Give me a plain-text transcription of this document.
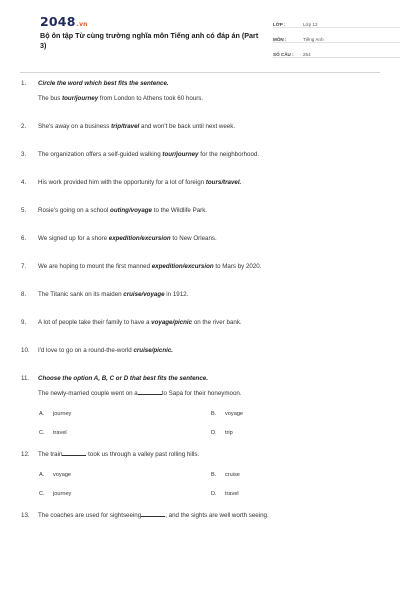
2048.vn
Bộ ôn tập Từ cùng trường nghĩa môn Tiếng anh có đáp án (Part 3)
LỚP :	Lớp 12
MÔN :	Tiếng Anh
SỐ CÂU :	254
1. Circle the word which best fits the sentence.
The bus tour/journey from London to Athens took 60 hours.
2. She's away on a business trip/travel and won't be back until next week.
3. The organization offers a self-guided walking tour/journey for the neighborhood.
4. His work provided him with the opportunity for a lot of foreign tours/travel.
5. Rosie's going on a school outing/voyage to the Wildlife Park.
6. We signed up for a shore expedition/excursion to New Orleans.
7. We are hoping to mount the first manned expedition/excursion to Mars by 2020.
8. The Titanic sank on its maiden cruise/voyage in 1912.
9. A lot of people take their family to have a voyage/picnic on the river bank.
10. I'd love to go on a round-the-world cruise/picnic.
11. Choose the option A, B, C or D that best fits the sentence.
The newly-married couple went on a	to Sapa for their honeymoon.
A. journey	B. voyage
C. travel	D. trip
12. The train	took us through a valley past rolling hills.
A. voyage	B. cruise
C. journey	D. travel
13. The coaches are used for sightseeing	, and the sights are well worth seeing.
